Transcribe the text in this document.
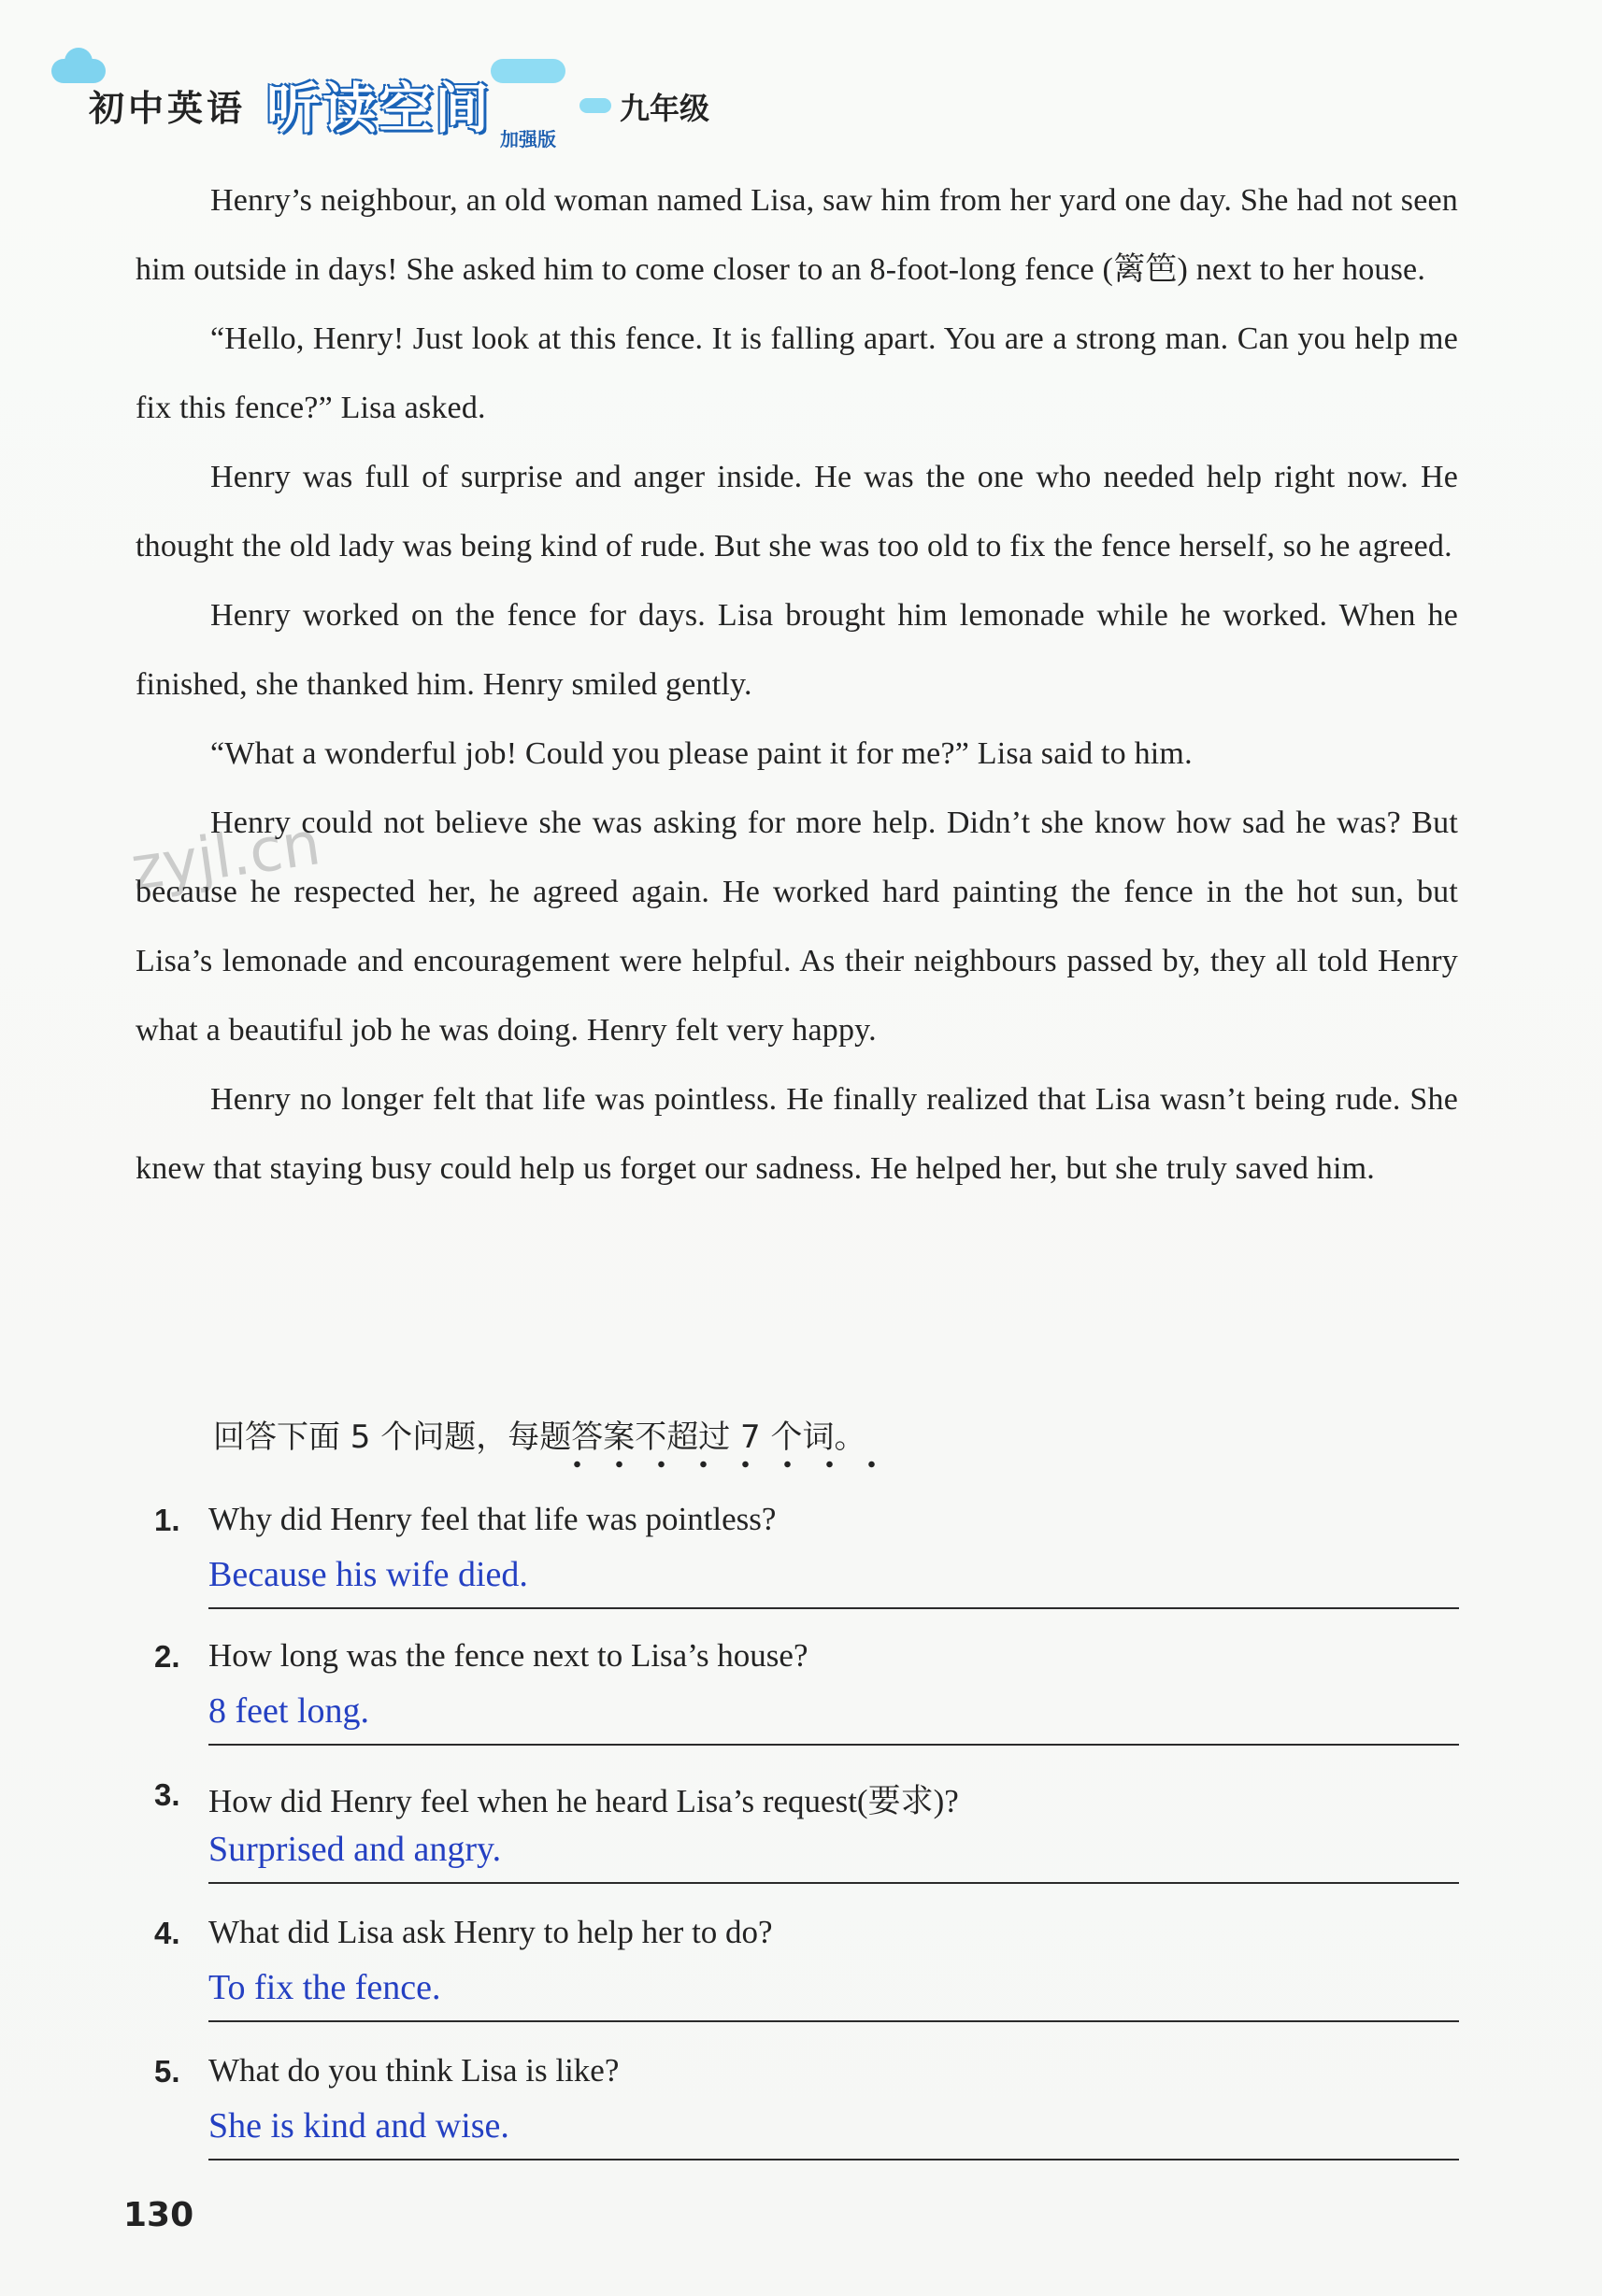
初中英语 听读空间 加强版
九年级
zyjl.cn

Henry’s neighbour, an old woman named Lisa, saw him from her yard one day. She had not seen him outside in days! She asked him to come closer to an 8-foot-long fence (篱笆) next to her house.

“Hello, Henry! Just look at this fence. It is falling apart. You are a strong man. Can you help me fix this fence?” Lisa asked.

Henry was full of surprise and anger inside. He was the one who needed help right now. He thought the old lady was being kind of rude. But she was too old to fix the fence herself, so he agreed.

Henry worked on the fence for days. Lisa brought him lemonade while he worked. When he finished, she thanked him. Henry smiled gently.

“What a wonderful job! Could you please paint it for me?” Lisa said to him.

Henry could not believe she was asking for more help. Didn’t she know how sad he was? But because he respected her, he agreed again. He worked hard painting the fence in the hot sun, but Lisa’s lemonade and encouragement were helpful. As their neighbours passed by, they all told Henry what a beautiful job he was doing. Henry felt very happy.

Henry no longer felt that life was pointless. He finally realized that Lisa wasn’t being rude. She knew that staying busy could help us forget our sadness. He helped her, but she truly saved him.

回答下面 5 个问题，每题答案不超过 7 个词。
1. Why did Henry feel that life was pointless?
Because his wife died.
2. How long was the fence next to Lisa’s house?
8 feet long.
3. How did Henry feel when he heard Lisa’s request(要求)?
Surprised and angry.
4. What did Lisa ask Henry to help her to do?
To fix the fence.
5. What do you think Lisa is like?
She is kind and wise.
130
